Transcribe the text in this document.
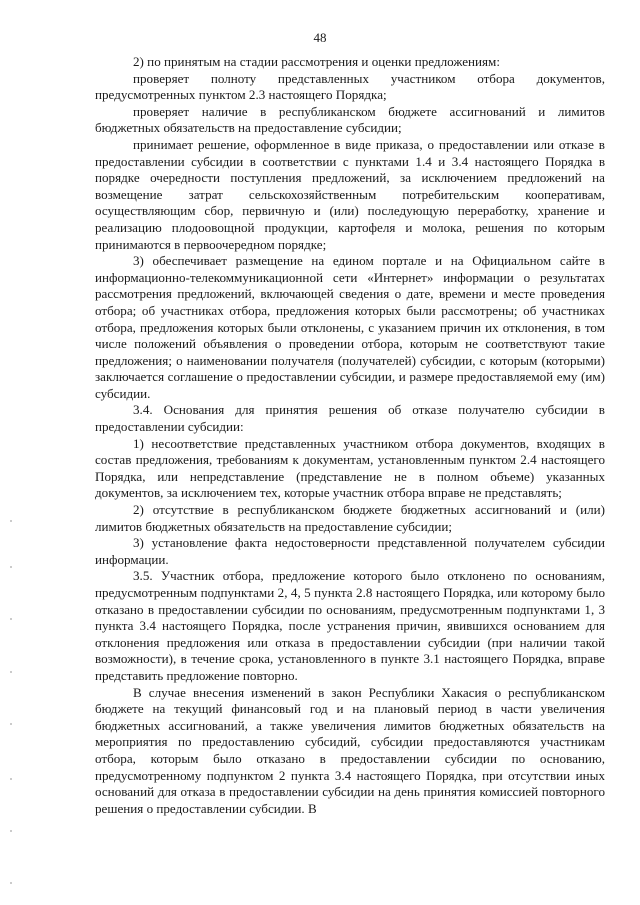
48

2) по принятым на стадии рассмотрения и оценки предложениям:

проверяет полноту представленных участником отбора документов, предусмотренных пунктом 2.3 настоящего Порядка;

проверяет наличие в республиканском бюджете ассигнований и лимитов бюджетных обязательств на предоставление субсидии;

принимает решение, оформленное в виде приказа, о предоставлении или отказе в предоставлении субсидии в соответствии с пунктами 1.4 и 3.4 настоящего Порядка в порядке очередности поступления предложений, за исключением предложений на возмещение затрат сельскохозяйственным потребительским кооперативам, осуществляющим сбор, первичную и (или) последующую переработку, хранение и реализацию плодоовощной продукции, картофеля и молока, решения по которым принимаются в первоочередном порядке;

3) обеспечивает размещение на едином портале и на Официальном сайте в информационно-телекоммуникационной сети «Интернет» информации о результатах рассмотрения предложений, включающей сведения о дате, времени и месте проведения отбора; об участниках отбора, предложения которых были рассмотрены; об участниках отбора, предложения которых были отклонены, с указанием причин их отклонения, в том числе положений объявления о проведении отбора, которым не соответствуют такие предложения; о наименовании получателя (получателей) субсидии, с которым (которыми) заключается соглашение о предоставлении субсидии, и размере предоставляемой ему (им) субсидии.

3.4. Основания для принятия решения об отказе получателю субсидии в предоставлении субсидии:

1) несоответствие представленных участником отбора документов, входящих в состав предложения, требованиям к документам, установленным пунктом 2.4 настоящего Порядка, или непредставление (представление не в полном объеме) указанных документов, за исключением тех, которые участник отбора вправе не представлять;

2) отсутствие в республиканском бюджете бюджетных ассигнований и (или) лимитов бюджетных обязательств на предоставление субсидии;

3) установление факта недостоверности представленной получателем субсидии информации.

3.5. Участник отбора, предложение которого было отклонено по основаниям, предусмотренным подпунктами 2, 4, 5 пункта 2.8 настоящего Порядка, или которому было отказано в предоставлении субсидии по основаниям, предусмотренным подпунктами 1, 3 пункта 3.4 настоящего Порядка, после устранения причин, явившихся основанием для отклонения предложения или отказа в предоставлении субсидии (при наличии такой возможности), в течение срока, установленного в пункте 3.1 настоящего Порядка, вправе представить предложение повторно.

В случае внесения изменений в закон Республики Хакасия о республиканском бюджете на текущий финансовый год и на плановый период в части увеличения бюджетных ассигнований, а также увеличения лимитов бюджетных обязательств на мероприятия по предоставлению субсидий, субсидии предоставляются участникам отбора, которым было отказано в предоставлении субсидии по основанию, предусмотренному подпунктом 2 пункта 3.4 настоящего Порядка, при отсутствии иных оснований для отказа в предоставлении субсидии на день принятия комиссией повторного решения о предоставлении субсидии. В
